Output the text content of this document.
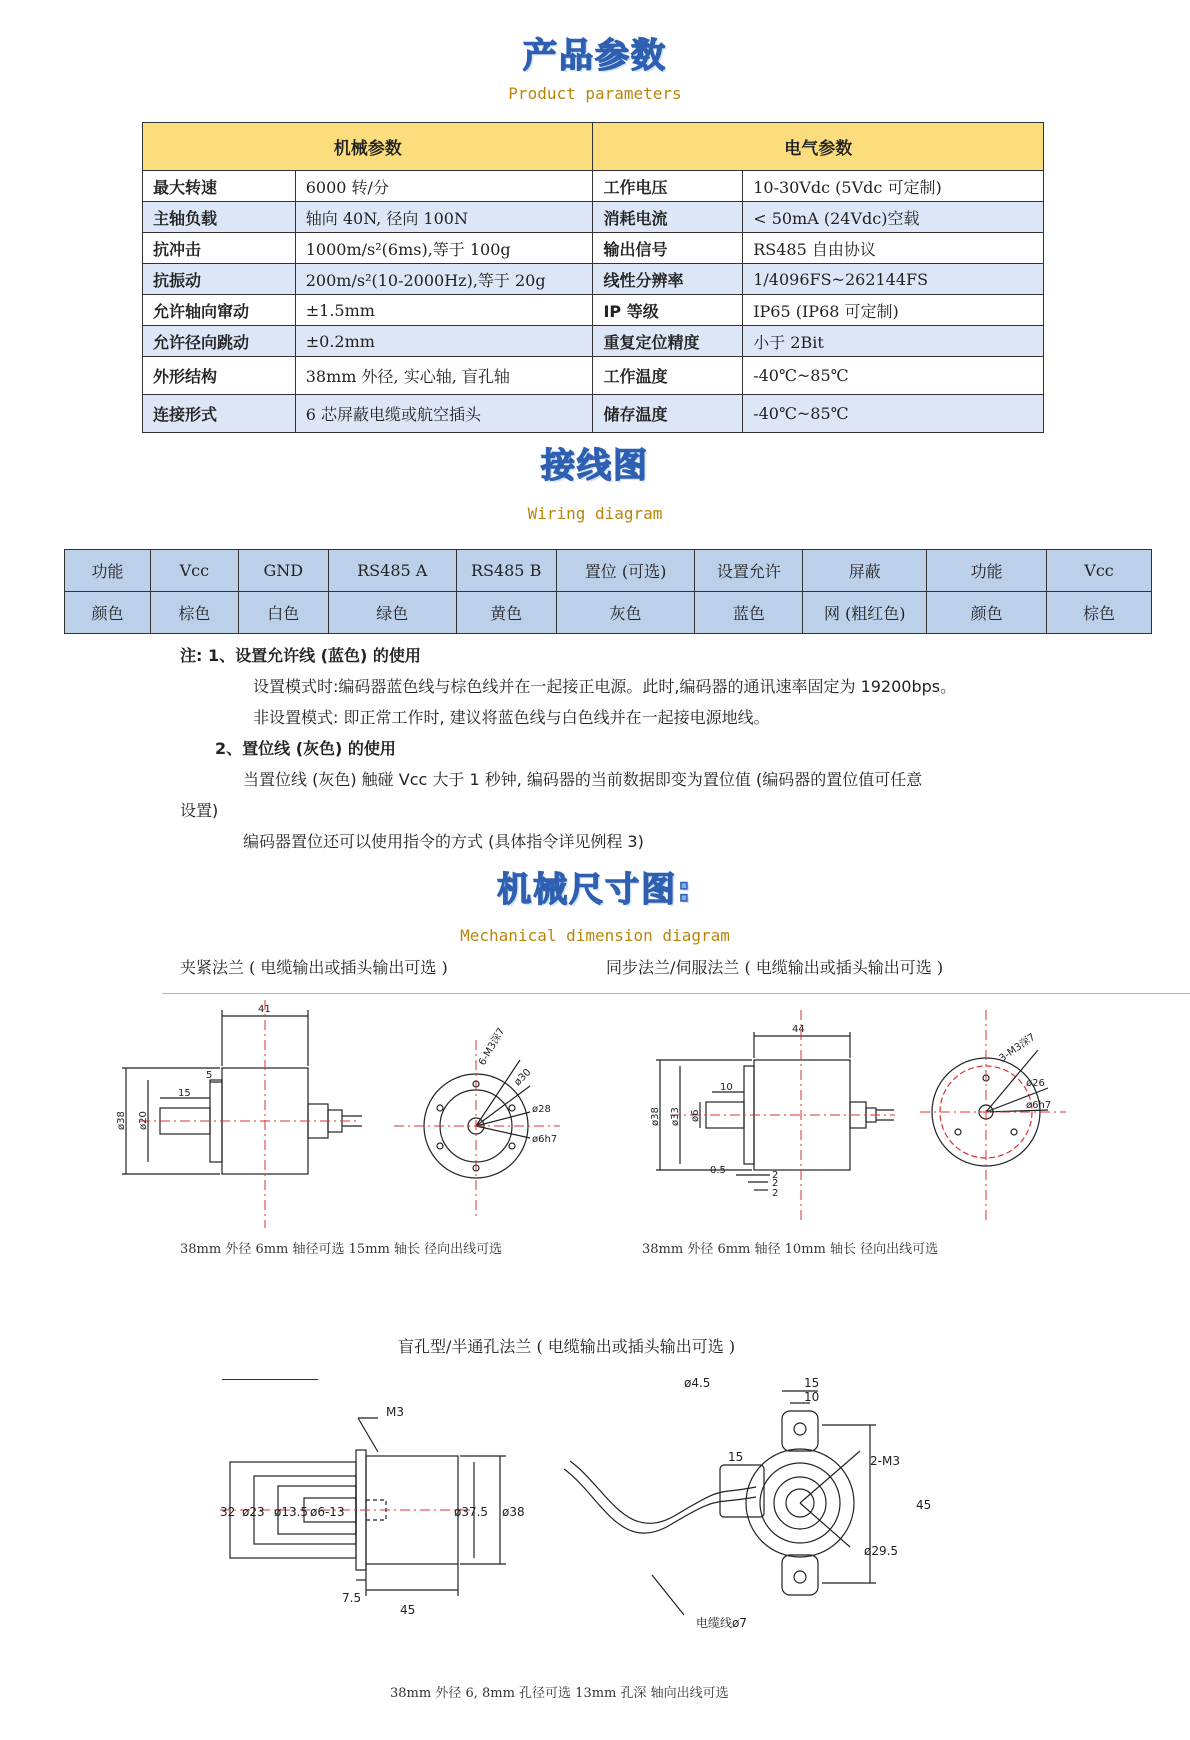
产品参数
Product parameters
机械参数		电气参数	
最大转速	6000 转/分	工作电压	10-30Vdc (5Vdc 可定制)
主轴负载	轴向 40N, 径向 100N	消耗电流	< 50mA (24Vdc)空载
抗冲击	1000m/s²(6ms),等于 100g	输出信号	RS485 自由协议
抗振动	200m/s²(10-2000Hz),等于 20g	线性分辨率	1/4096FS~262144FS
允许轴向窜动	±1.5mm	IP 等级	IP65 (IP68 可定制)
允许径向跳动	±0.2mm	重复定位精度	小于 2Bit
外形结构	38mm 外径, 实心轴, 盲孔轴	工作温度	-40℃~85℃
连接形式	6 芯屏蔽电缆或航空插头	储存温度	-40℃~85℃
接线图
Wiring diagram
功能	Vcc	GND	RS485 A	RS485 B	置位 (可选)	设置允许	屏蔽	功能	Vcc
颜色	棕色	白色	绿色	黄色	灰色	蓝色	网 (粗红色)	颜色	棕色
注: 1、设置允许线 (蓝色) 的使用
设置模式时:编码器蓝色线与棕色线并在一起接正电源。此时,编码器的通讯速率固定为 19200bps。
非设置模式: 即正常工作时, 建议将蓝色线与白色线并在一起接电源地线。
2、置位线 (灰色) 的使用
当置位线 (灰色) 触碰 Vcc 大于 1 秒钟, 编码器的当前数据即变为置位值 (编码器的置位值可任意
设置)
编码器置位还可以使用指令的方式 (具体指令详见例程 3)
机械尺寸图:
Mechanical dimension diagram
夹紧法兰 ( 电缆输出或插头输出可选 )	同步法兰/伺服法兰 ( 电缆输出或插头输出可选 )
41
5
15
ø38 ø20
6-M3深7
ø30
ø28
ø6h7
44
10
ø38 ø33 ø6
0.5	2
2
2
3-M3深7
ø26
ø6h7
38mm 外径 6mm 轴径可选 15mm 轴长 径向出线可选	38mm 外径 6mm 轴径 10mm 轴长 径向出线可选
盲孔型/半通孔法兰 ( 电缆输出或插头输出可选 )
M3
32 ø23 ø13.5 ø6-13	ø37.5 ø38
7.5
45
ø4.5	15
10
15	2-M3
45
ø29.5
电缆线ø7
38mm 外径 6, 8mm 孔径可选 13mm 孔深 轴向出线可选
